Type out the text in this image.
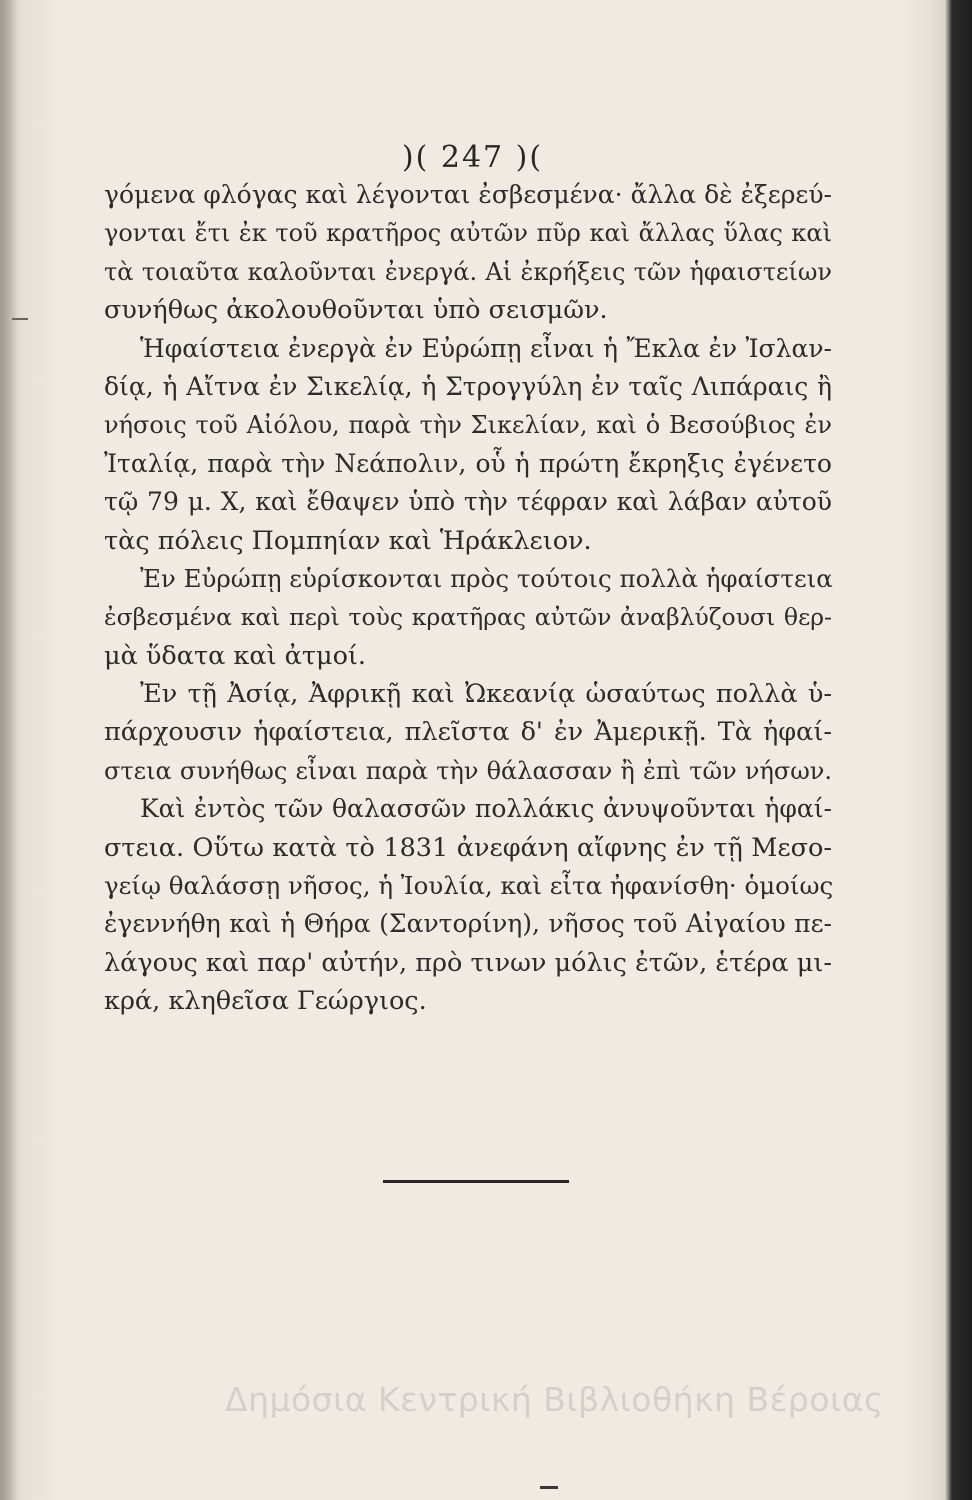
)( 247 )(
γόμενα φλόγας καὶ λέγονται ἐσβεσμένα· ἄλλα δὲ ἐξερεύ-
γονται ἔτι ἐκ τοῦ κρατῆρος αὐτῶν πῦρ καὶ ἄλλας ὕλας καὶ
τὰ τοιαῦτα καλοῦνται ἐνεργά. Αἱ ἐκρήξεις τῶν ἡφαιστείων
συνήθως ἀκολουθοῦνται ὑπὸ σεισμῶν.
Ἡφαίστεια ἐνεργὰ ἐν Εὐρώπῃ εἶναι ἡ Ἔκλα ἐν Ἰσλαν-
δίᾳ, ἡ Αἴτνα ἐν Σικελίᾳ, ἡ Στρογγύλη ἐν ταῖς Λιπάραις ἢ
νήσοις τοῦ Αἰόλου, παρὰ τὴν Σικελίαν, καὶ ὁ Βεσούβιος ἐν
Ἰταλίᾳ, παρὰ τὴν Νεάπολιν, οὗ ἡ πρώτη ἔκρηξις ἐγένετο
τῷ 79 μ. Χ, καὶ ἔθαψεν ὑπὸ τὴν τέφραν καὶ λάβαν αὐτοῦ
τὰς πόλεις Πομπηίαν καὶ Ἡράκλειον.
Ἐν Εὐρώπῃ εὑρίσκονται πρὸς τούτοις πολλὰ ἡφαίστεια
ἐσβεσμένα καὶ περὶ τοὺς κρατῆρας αὐτῶν ἀναβλύζουσι θερ-
μὰ ὕδατα καὶ ἀτμοί.
Ἐν τῇ Ἀσίᾳ, Ἀφρικῇ καὶ Ὠκεανίᾳ ὡσαύτως πολλὰ ὑ-
πάρχουσιν ἡφαίστεια, πλεῖστα δ' ἐν Ἀμερικῇ. Τὰ ἡφαί-
στεια συνήθως εἶναι παρὰ τὴν θάλασσαν ἢ ἐπὶ τῶν νήσων.
Καὶ ἐντὸς τῶν θαλασσῶν πολλάκις ἀνυψοῦνται ἡφαί-
στεια. Οὕτω κατὰ τὸ 1831 ἀνεφάνη αἴφνης ἐν τῇ Μεσο-
γείῳ θαλάσσῃ νῆσος, ἡ Ἰουλία, καὶ εἶτα ἠφανίσθη· ὁμοίως
ἐγεννήθη καὶ ἡ Θήρα (Σαντορίνη), νῆσος τοῦ Αἰγαίου πε-
λάγους καὶ παρ' αὐτήν, πρὸ τινων μόλις ἐτῶν, ἑτέρα μι-
κρά, κληθεῖσα Γεώργιος.
Δημόσια Κεντρική Βιβλιοθήκη Βέροιας
